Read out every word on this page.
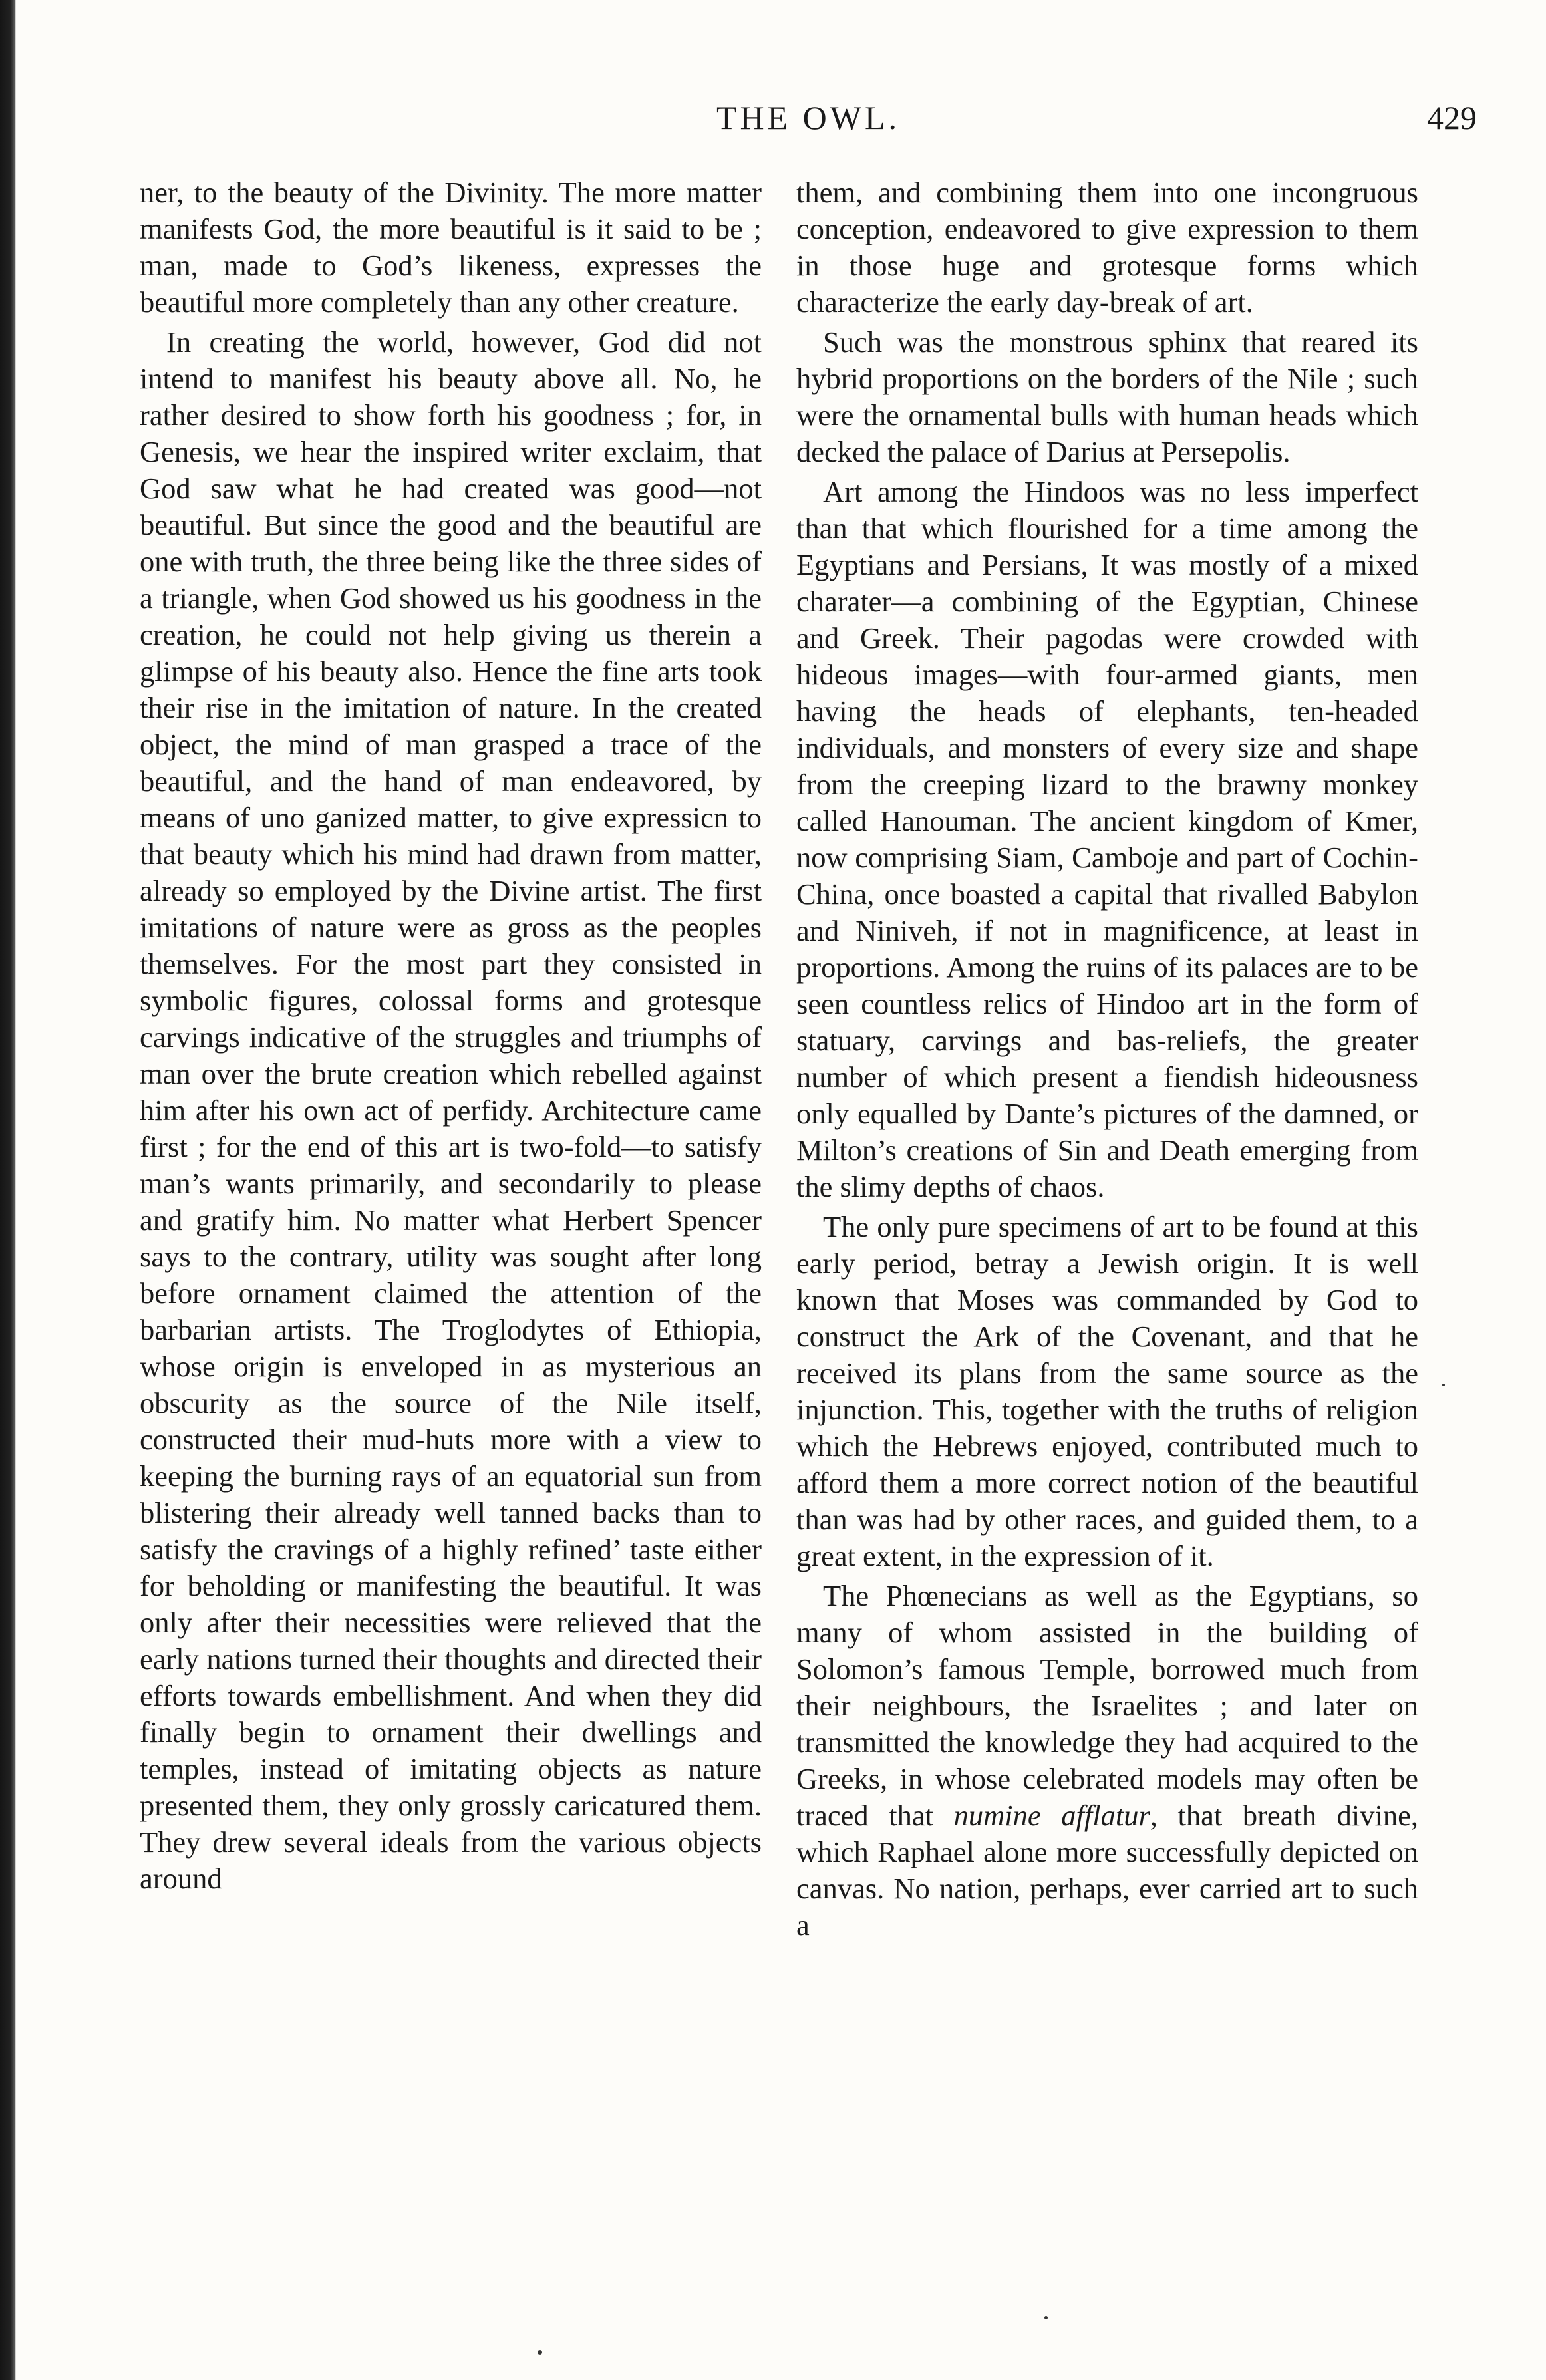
THE OWL.	429

ner, to the beauty of the Divinity. The more matter manifests God, the more beautiful is it said to be ; man, made to God’s likeness, expresses the beautiful more completely than any other creature.

In creating the world, however, God did not intend to manifest his beauty above all. No, he rather desired to show forth his goodness ; for, in Genesis, we hear the inspired writer exclaim, that God saw what he had created was good—not beautiful. But since the good and the beautiful are one with truth, the three being like the three sides of a triangle, when God showed us his goodness in the creation, he could not help giving us therein a glimpse of his beauty also. Hence the fine arts took their rise in the imitation of nature. In the created object, the mind of man grasped a trace of the beautiful, and the hand of man endeavored, by means of uno ganized matter, to give expressicn to that beauty which his mind had drawn from matter, already so employed by the Divine artist. The first imitations of nature were as gross as the peoples themselves. For the most part they consisted in symbolic figures, colossal forms and grotesque carvings indicative of the struggles and triumphs of man over the brute creation which rebelled against him after his own act of perfidy. Architecture came first ; for the end of this art is two-fold—to satisfy man’s wants primarily, and secondarily to please and gratify him. No matter what Herbert Spencer says to the contrary, utility was sought after long before ornament claimed the attention of the barbarian artists. The Troglodytes of Ethiopia, whose origin is enveloped in as mysterious an obscurity as the source of the Nile itself, constructed their mud-huts more with a view to keeping the burning rays of an equatorial sun from blistering their already well tanned backs than to satisfy the cravings of a highly refined’ taste either for beholding or manifesting the beautiful. It was only after their necessities were relieved that the early nations turned their thoughts and directed their efforts towards embellishment. And when they did finally begin to ornament their dwellings and temples, instead of imitating objects as nature presented them, they only grossly caricatured them. They drew several ideals from the various objects around

them, and combining them into one incongruous conception, endeavored to give expression to them in those huge and grotesque forms which characterize the early day-break of art.

Such was the monstrous sphinx that reared its hybrid proportions on the borders of the Nile ; such were the ornamental bulls with human heads which decked the palace of Darius at Persepolis.

Art among the Hindoos was no less imperfect than that which flourished for a time among the Egyptians and Persians, It was mostly of a mixed charater—a combining of the Egyptian, Chinese and Greek. Their pagodas were crowded with hideous images—with four-armed giants, men having the heads of elephants, ten-headed individuals, and monsters of every size and shape from the creeping lizard to the brawny monkey called Hanouman. The ancient kingdom of Kmer, now comprising Siam, Camboje and part of Cochin-China, once boasted a capital that rivalled Babylon and Niniveh, if not in magnificence, at least in proportions. Among the ruins of its palaces are to be seen countless relics of Hindoo art in the form of statuary, carvings and bas-reliefs, the greater number of which present a fiendish hideousness only equalled by Dante’s pictures of the damned, or Milton’s creations of Sin and Death emerging from the slimy depths of chaos.

The only pure specimens of art to be found at this early period, betray a Jewish origin. It is well known that Moses was commanded by God to construct the Ark of the Covenant, and that he received its plans from the same source as the injunction. This, together with the truths of religion which the Hebrews enjoyed, contributed much to afford them a more correct notion of the beautiful than was had by other races, and guided them, to a great extent, in the expression of it.

The Phœnecians as well as the Egyptians, so many of whom assisted in the building of Solomon’s famous Temple, borrowed much from their neighbours, the Israelites ; and later on transmitted the knowledge they had acquired to the Greeks, in whose celebrated models may often be traced that numine afflatur, that breath divine, which Raphael alone more successfully depicted on canvas. No nation, perhaps, ever carried art to such a
